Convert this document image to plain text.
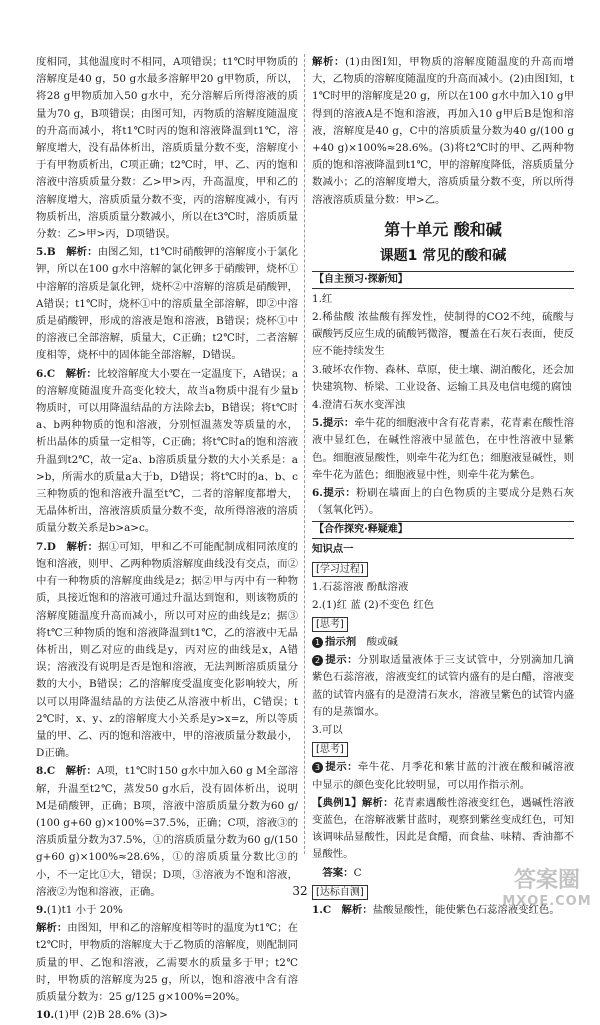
度相同，其他温度时不相同，A项错误；t1℃时甲物质的溶解度是40 g，50 g水最多溶解甲20 g甲物质，所以，将28 g甲物质加入50 g水中，充分溶解后所得溶液的质量为70 g，B项错误；由图可知，丙物质的溶解度随温度的升高而减小，将t1℃时丙的饱和溶液降温到t1℃，溶解度增大，没有晶体析出，溶质质量分数不变，溶解度小于有甲物质析出，C项正确；t2℃时，甲、乙、丙的饱和溶液中溶质质量分数：乙>甲>丙，升高温度，甲和乙的溶解度增大，溶质质量分数不变，丙的溶解度减小，有丙物质析出，溶质质量分数减小，所以在t3℃时，溶质质量分数：乙>甲>丙，D项错误。

5.B　 解析：由图乙知，t1℃时硝酸钾的溶解度小于氯化钾，所以在100 g水中溶解的氯化钾多于硝酸钾，烧杯①中溶解的溶质是氯化钾，烧杯②中溶解的溶质是硝酸钾，A错误；t1℃时，烧杯①中的溶质量全部溶解，即②中溶质是硝酸钾，形成的溶液是饱和溶液，B错误；烧杯①中的溶液已全部溶解，质量大，C正确；t2℃时，二者溶解度相等，烧杯中的固体能全部溶解，D错误。

6.C　 解析：比较溶解度大小要在一定温度下，A错误；a的溶解度随温度升高变化较大，故当a物质中混有少量b物质时，可以用降温结晶的方法除去b，B错误；将t℃时a、b两种物质的饱和溶液，分别恒温蒸发等质量的水，析出晶体的质量一定相等，C正确；将t℃时a的饱和溶液升温到t2℃，故一定a、b溶质质量分数的大小关系是：a>b，所需水的质量a大于b，D错误；将t℃时的a、b、c三种物质的饱和溶液升温至t℃，二者的溶解度都增大，无晶体析出，溶液溶质质量分数不变，故所得溶液的溶质质量分数关系是b>a>c。

7.D　 解析：据①可知，甲和乙不可能配制成相同浓度的饱和溶液，则甲、乙两种物质溶解度曲线没有交点，而②中有一种物质的溶解度曲线是z；据②甲与丙中有一种物质，具接近饱和的溶液可通过升温达到饱和，则该物质的溶解度随温度升高而减小，所以可对应的曲线是z；据③将t℃三种物质的饱和溶液降温到t1℃，乙的溶液中无晶体析出，则乙对应的曲线是y，丙对应的曲线是x，A错误；溶液没有说明是否是饱和溶液，无法判断溶质质量分数的大小，B错误；乙的溶解度受温度变化影响较大，所以可以用降温结晶的方法使乙从溶液中析出，C错误；t2℃时，x、y、z的溶解度大小关系是y>x=z，所以等质量的甲、乙、丙的饱和溶液中，甲的溶液质量分数最小，D正确。

8.C　 解析：A项，t1℃时150 g水中加入60 g M全部溶解，升温至t2℃，蒸发50 g水后，没有固体析出，说明M是硝酸钾，正确；B项，溶液中溶质质量分数为60 g/(100 g+60 g)×100%=37.5%，正确；C项，溶液③的溶质质量分数为37.5%，①的溶质质量分数为60 g/(150 g+60 g)×100%≈28.6%，①的溶质质量分数比③的小，不一定比①大，错误；D项，③溶液为不饱和溶液，溶液②为饱和溶液，正确。

9.(1)t1 小于 20%

解析：由图知，甲和乙的溶解度相等时的温度为t1℃；在t2℃时，甲物质的溶解度大于乙物质的溶解度，则配制同质量的甲、乙饱和溶液，乙需要水的质量多于甲；t2℃时，甲物质的溶解度为25 g，所以，饱和溶液中含有溶质质量分数为：25 g/125 g×100%=20%。

10.(1)甲 (2)B 28.6% (3)>

解析：(1)由图Ⅰ知，甲物质的溶解度随温度的升高而增大，乙物质的溶解度随温度的升高而减小。(2)由图Ⅰ知，t1℃时甲的溶解度是20 g，所以在100 g水中加入10 g甲得到的溶液A是不饱和溶液，再加入10 g甲后B是饱和溶液，溶解度是40 g，C中的溶质质量分数为40 g/(100 g+40 g)×100%≈28.6%。(3)将t2℃时的甲、乙两种物质的饱和溶液降温到t1℃，甲的溶解度降低，溶质质量分数减小；乙的溶解度增大，溶质质量分数不变，所以所得溶液溶质质量分数：甲>乙。

第十单元 酸和碱
课题1 常见的酸和碱
【自主预习·探新知】

1.红

2.稀盐酸 浓盐酸有挥发性，使制得的CO2不纯，硫酸与碳酸钙反应生成的硫酸钙微溶，覆盖在石灰石表面，使反应不能持续发生

3.破坏农作物、森林、草原，使土壤、湖泊酸化，还会加快建筑物、桥梁、工业设备、运输工具及电信电缆的腐蚀

4.澄清石灰水变浑浊

5.提示：牵牛花的细胞液中含有花青素，花青素在酸性溶液中显红色，在碱性溶液中显蓝色，在中性溶液中显紫色。细胞液显酸性，则牵牛花为红色；细胞液显碱性，则牵牛花为蓝色；细胞液显中性，则牵牛花为紫色。

6.提示：粉刷在墙面上的白色物质的主要成分是熟石灰（氢氧化钙）。

【合作探究·释疑难】

知识点一

[学习过程]

1.石蕊溶液 酚酞溶液

2.(1)红 蓝 (2)不变色 红色

[思考]

1 指示剂　 酸或碱

2 提示：分别取适量液体于三支试管中，分别滴加几滴紫色石蕊溶液，溶液变红的试管内盛有的是白醋，溶液变蓝的试管内盛有的是澄清石灰水，溶液呈紫色的试管内盛有的是蒸馏水。

3.可以

[思考]

3 提示：牵牛花、月季花和紫甘蓝的汁液在酸和碱溶液中显示的颜色变化比较明显，可以用作指示剂。

【典例1】解析：花青素遇酸性溶液变红色，遇碱性溶液变蓝色，在溶解液紫甘蓝时，观察到紫丝变成红色，可知该调味品显酸性，因此是食醋，而食盐、味精、香油都不显酸性。

　答案：C

[达标自测]

1.C　 解析：盐酸显酸性，能使紫色石蕊溶液变红色。

32	答案圈
MXQE.COM
